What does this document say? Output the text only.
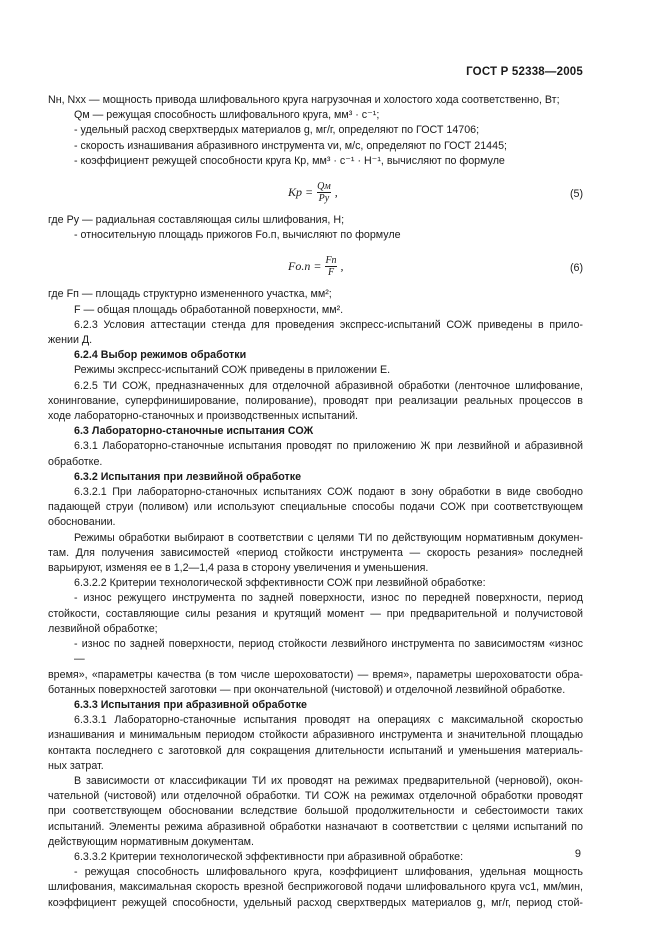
ГОСТ Р 52338—2005

Nн, Nхх — мощность привода шлифовального круга нагрузочная и холостого хода соответственно, Вт;

Qм — режущая способность шлифовального круга, мм³ · с⁻¹;

- удельный расход сверхтвердых материалов g, мг/г, определяют по ГОСТ 14706;

- скорость изнашивания абразивного инструмента vи, м/с, определяют по ГОСТ 21445;

- коэффициент режущей способности круга Кр, мм³ · с⁻¹ · Н⁻¹, вычисляют по формуле

Kр = $\frac{Qм}{Py}$ ,	(5)

где Py — радиальная составляющая силы шлифования, Н;

- относительную площадь прижогов Fо.п, вычисляют по формуле

$Fо.п = \frac{Fп}{F}$ ,	(6)

где Fп — площадь структурно измененного участка, мм²;

F — общая площадь обработанной поверхности, мм².

6.2.3 Условия аттестации стенда для проведения экспресс-испытаний СОЖ приведены в прило-

жении Д.

6.2.4 Выбор режимов обработки

Режимы экспресс-испытаний СОЖ приведены в приложении Е.

6.2.5 ТИ СОЖ, предназначенных для отделочной абразивной обработки (ленточное шлифование,

хонингование, суперфиниширование, полирование), проводят при реализации реальных процессов в

ходе лабораторно-станочных и производственных испытаний.

6.3 Лабораторно-станочные испытания СОЖ

6.3.1 Лабораторно-станочные испытания проводят по приложению Ж при лезвийной и абразивной

обработке.

6.3.2 Испытания при лезвийной обработке

6.3.2.1 При лабораторно-станочных испытаниях СОЖ подают в зону обработки в виде свободно

падающей струи (поливом) или используют специальные способы подачи СОЖ при соответствующем

обосновании.

Режимы обработки выбирают в соответствии с целями ТИ по действующим нормативным докумен-

там. Для получения зависимостей «период стойкости инструмента — скорость резания» последней

варьируют, изменяя ее в 1,2—1,4 раза в сторону увеличения и уменьшения.

6.3.2.2 Критерии технологической эффективности СОЖ при лезвийной обработке:

- износ режущего инструмента по задней поверхности, износ по передней поверхности, период

стойкости, составляющие силы резания и крутящий момент — при предварительной и получистовой

лезвийной обработке;

- износ по задней поверхности, период стойкости лезвийного инструмента по зависимостям «износ —

время», «параметры качества (в том числе шероховатости) — время», параметры шероховатости обра-

ботанных поверхностей заготовки — при окончательной (чистовой) и отделочной лезвийной обработке.

6.3.3 Испытания при абразивной обработке

6.3.3.1 Лабораторно-станочные испытания проводят на операциях с максимальной скоростью

изнашивания и минимальным периодом стойкости абразивного инструмента и значительной площадью

контакта последнего с заготовкой для сокращения длительности испытаний и уменьшения материаль-

ных затрат.

В зависимости от классификации ТИ их проводят на режимах предварительной (черновой), окон-

чательной (чистовой) или отделочной обработки. ТИ СОЖ на режимах отделочной обработки проводят

при соответствующем обосновании вследствие большой продолжительности и себестоимости таких

испытаний. Элементы режима абразивной обработки назначают в соответствии с целями испытаний по

действующим нормативным документам.

6.3.3.2 Критерии технологической эффективности при абразивной обработке:

- режущая способность шлифовального круга, коэффициент шлифования, удельная мощность

шлифования, максимальная скорость врезной бесприжоговой подачи шлифовального круга vс1, мм/мин,

коэффициент режущей способности, удельный расход сверхтвердых материалов g, мг/г, период стой-

9
